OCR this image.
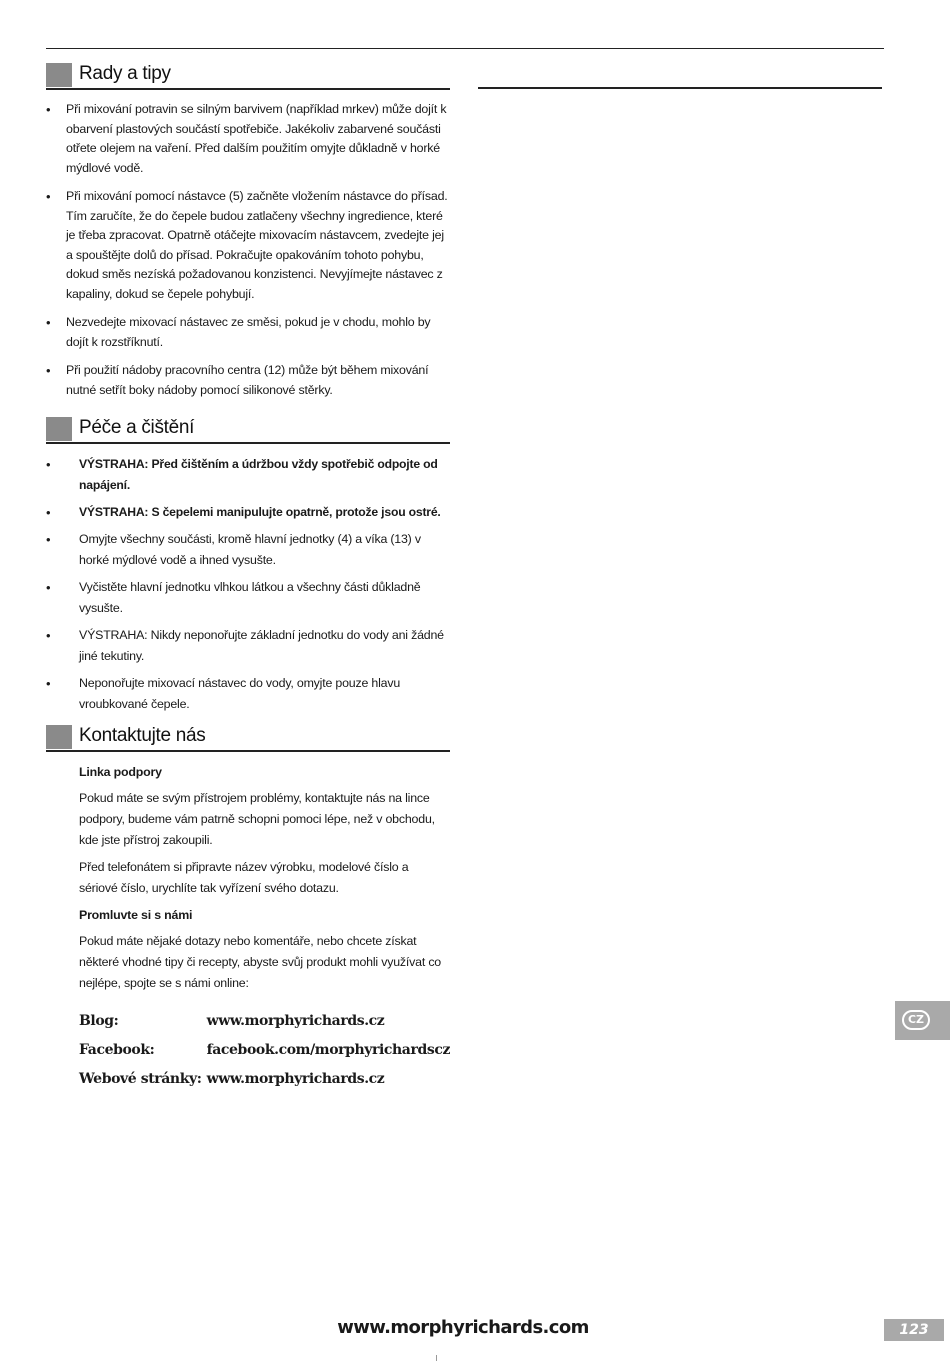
Rady a tipy
• Při mixování potravin se silným barvivem (například mrkev) může dojít k obarvení plastových součástí spotřebiče. Jakékoliv zabarvené součásti otřete olejem na vaření. Před dalším použitím omyjte důkladně v horké mýdlové vodě.
• Při mixování pomocí nástavce (5) začněte vložením nástavce do přísad. Tím zaručíte, že do čepele budou zatlačeny všechny ingredience, které je třeba zpracovat. Opatrně otáčejte mixovacím nástavcem, zvedejte jej a spouštějte dolů do přísad. Pokračujte opakováním tohoto pohybu, dokud směs nezíská požadovanou konzistenci. Nevyjímejte nástavec z kapaliny, dokud se čepele pohybují.
• Nezvedejte mixovací nástavec ze směsi, pokud je v chodu, mohlo by dojít k rozstříknutí.
• Při použití nádoby pracovního centra (12) může být během mixování nutné setřít boky nádoby pomocí silikonové stěrky.
Péče a čištění
• VÝSTRAHA: Před čištěním a údržbou vždy spotřebič odpojte od napájení.
• VÝSTRAHA: S čepelemi manipulujte opatrně, protože jsou ostré.
• Omyjte všechny součásti, kromě hlavní jednotky (4) a víka (13) v horké mýdlové vodě a ihned vysušte.
• Vyčistěte hlavní jednotku vlhkou látkou a všechny části důkladně vysušte.
• VÝSTRAHA: Nikdy neponořujte základní jednotku do vody ani žádné jiné tekutiny.
• Neponořujte mixovací nástavec do vody, omyjte pouze hlavu vroubkované čepele.
Kontaktujte nás
Linka podpory

Pokud máte se svým přístrojem problémy, kontaktujte nás na lince podpory, budeme vám patrně schopni pomoci lépe, než v obchodu, kde jste přístroj zakoupili.

Před telefonátem si připravte název výrobku, modelové číslo a sériové číslo, urychlíte tak vyřízení svého dotazu.

Promluvte si s námi

Pokud máte nějaké dotazy nebo komentáře, nebo chcete získat některé vhodné tipy či recepty, abyste svůj produkt mohli využívat co nejlépe, spojte se s námi online:

Blog:	www.morphyrichards.cz
Facebook:	facebook.com/morphyrichardscz
Webové stránky:	www.morphyrichards.cz
CZ
www.morphyrichards.com	123
